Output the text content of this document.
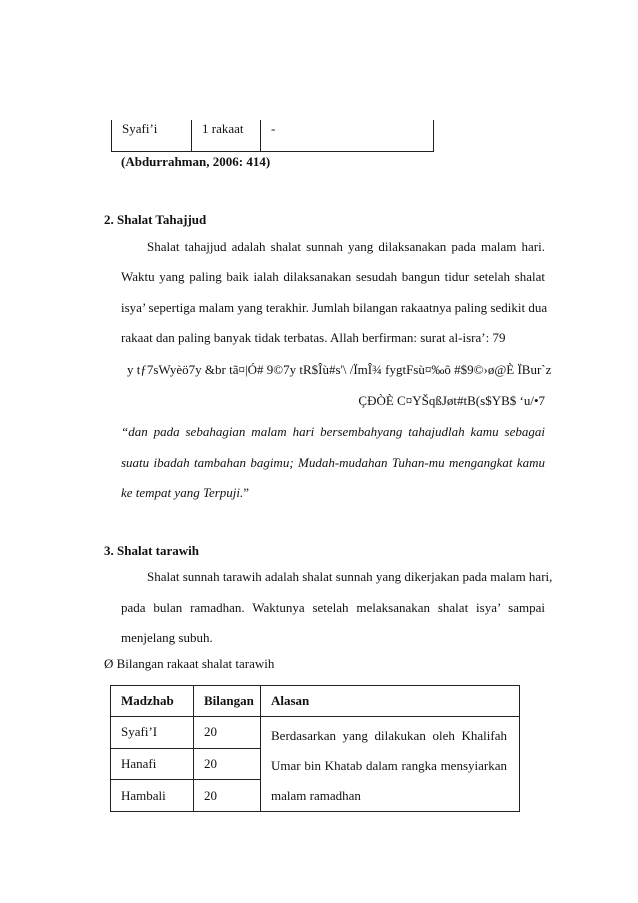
Syafi’i	1 rakaat	-
(Abdurrahman, 2006: 414)
2. Shalat Tahajjud
Shalat tahajjud adalah shalat sunnah yang dilaksanakan pada malam hari.
Waktu yang paling baik ialah dilaksanakan sesudah bangun tidur setelah shalat
isya’ sepertiga malam yang terakhir. Jumlah bilangan rakaatnya paling sedikit dua
rakaat dan paling banyak tidak terbatas. Allah berfirman: surat al-isra’: 79
y tƒ7sWyèö7y &br tã¤|Ó# 9©7y tR$Îù#s'\ /ÏmÎ¾ fygtFsù¤‰ô #$9©›ø@È ÏBur`z
ÇÐÒÈ C¤YŠqßJøt#tB(s$YB$ ‘u/•7
“dan pada sebahagian malam hari bersembahyang tahajudlah kamu sebagai
suatu ibadah tambahan bagimu; Mudah-mudahan Tuhan-mu mengangkat kamu
ke tempat yang Terpuji.”
3. Shalat tarawih
Shalat sunnah tarawih adalah shalat sunnah yang dikerjakan pada malam hari,
pada bulan ramadhan. Waktunya setelah melaksanakan shalat isya’ sampai
menjelang subuh.
Ø Bilangan rakaat shalat tarawih
Madzhab	Bilangan	Alasan
Syafi’I	20	Berdasarkan yang dilakukan oleh Khalifah
Umar bin Khatab dalam rangka mensyiarkan
malam ramadhan

Hanafi	20	
Hambali	20	
